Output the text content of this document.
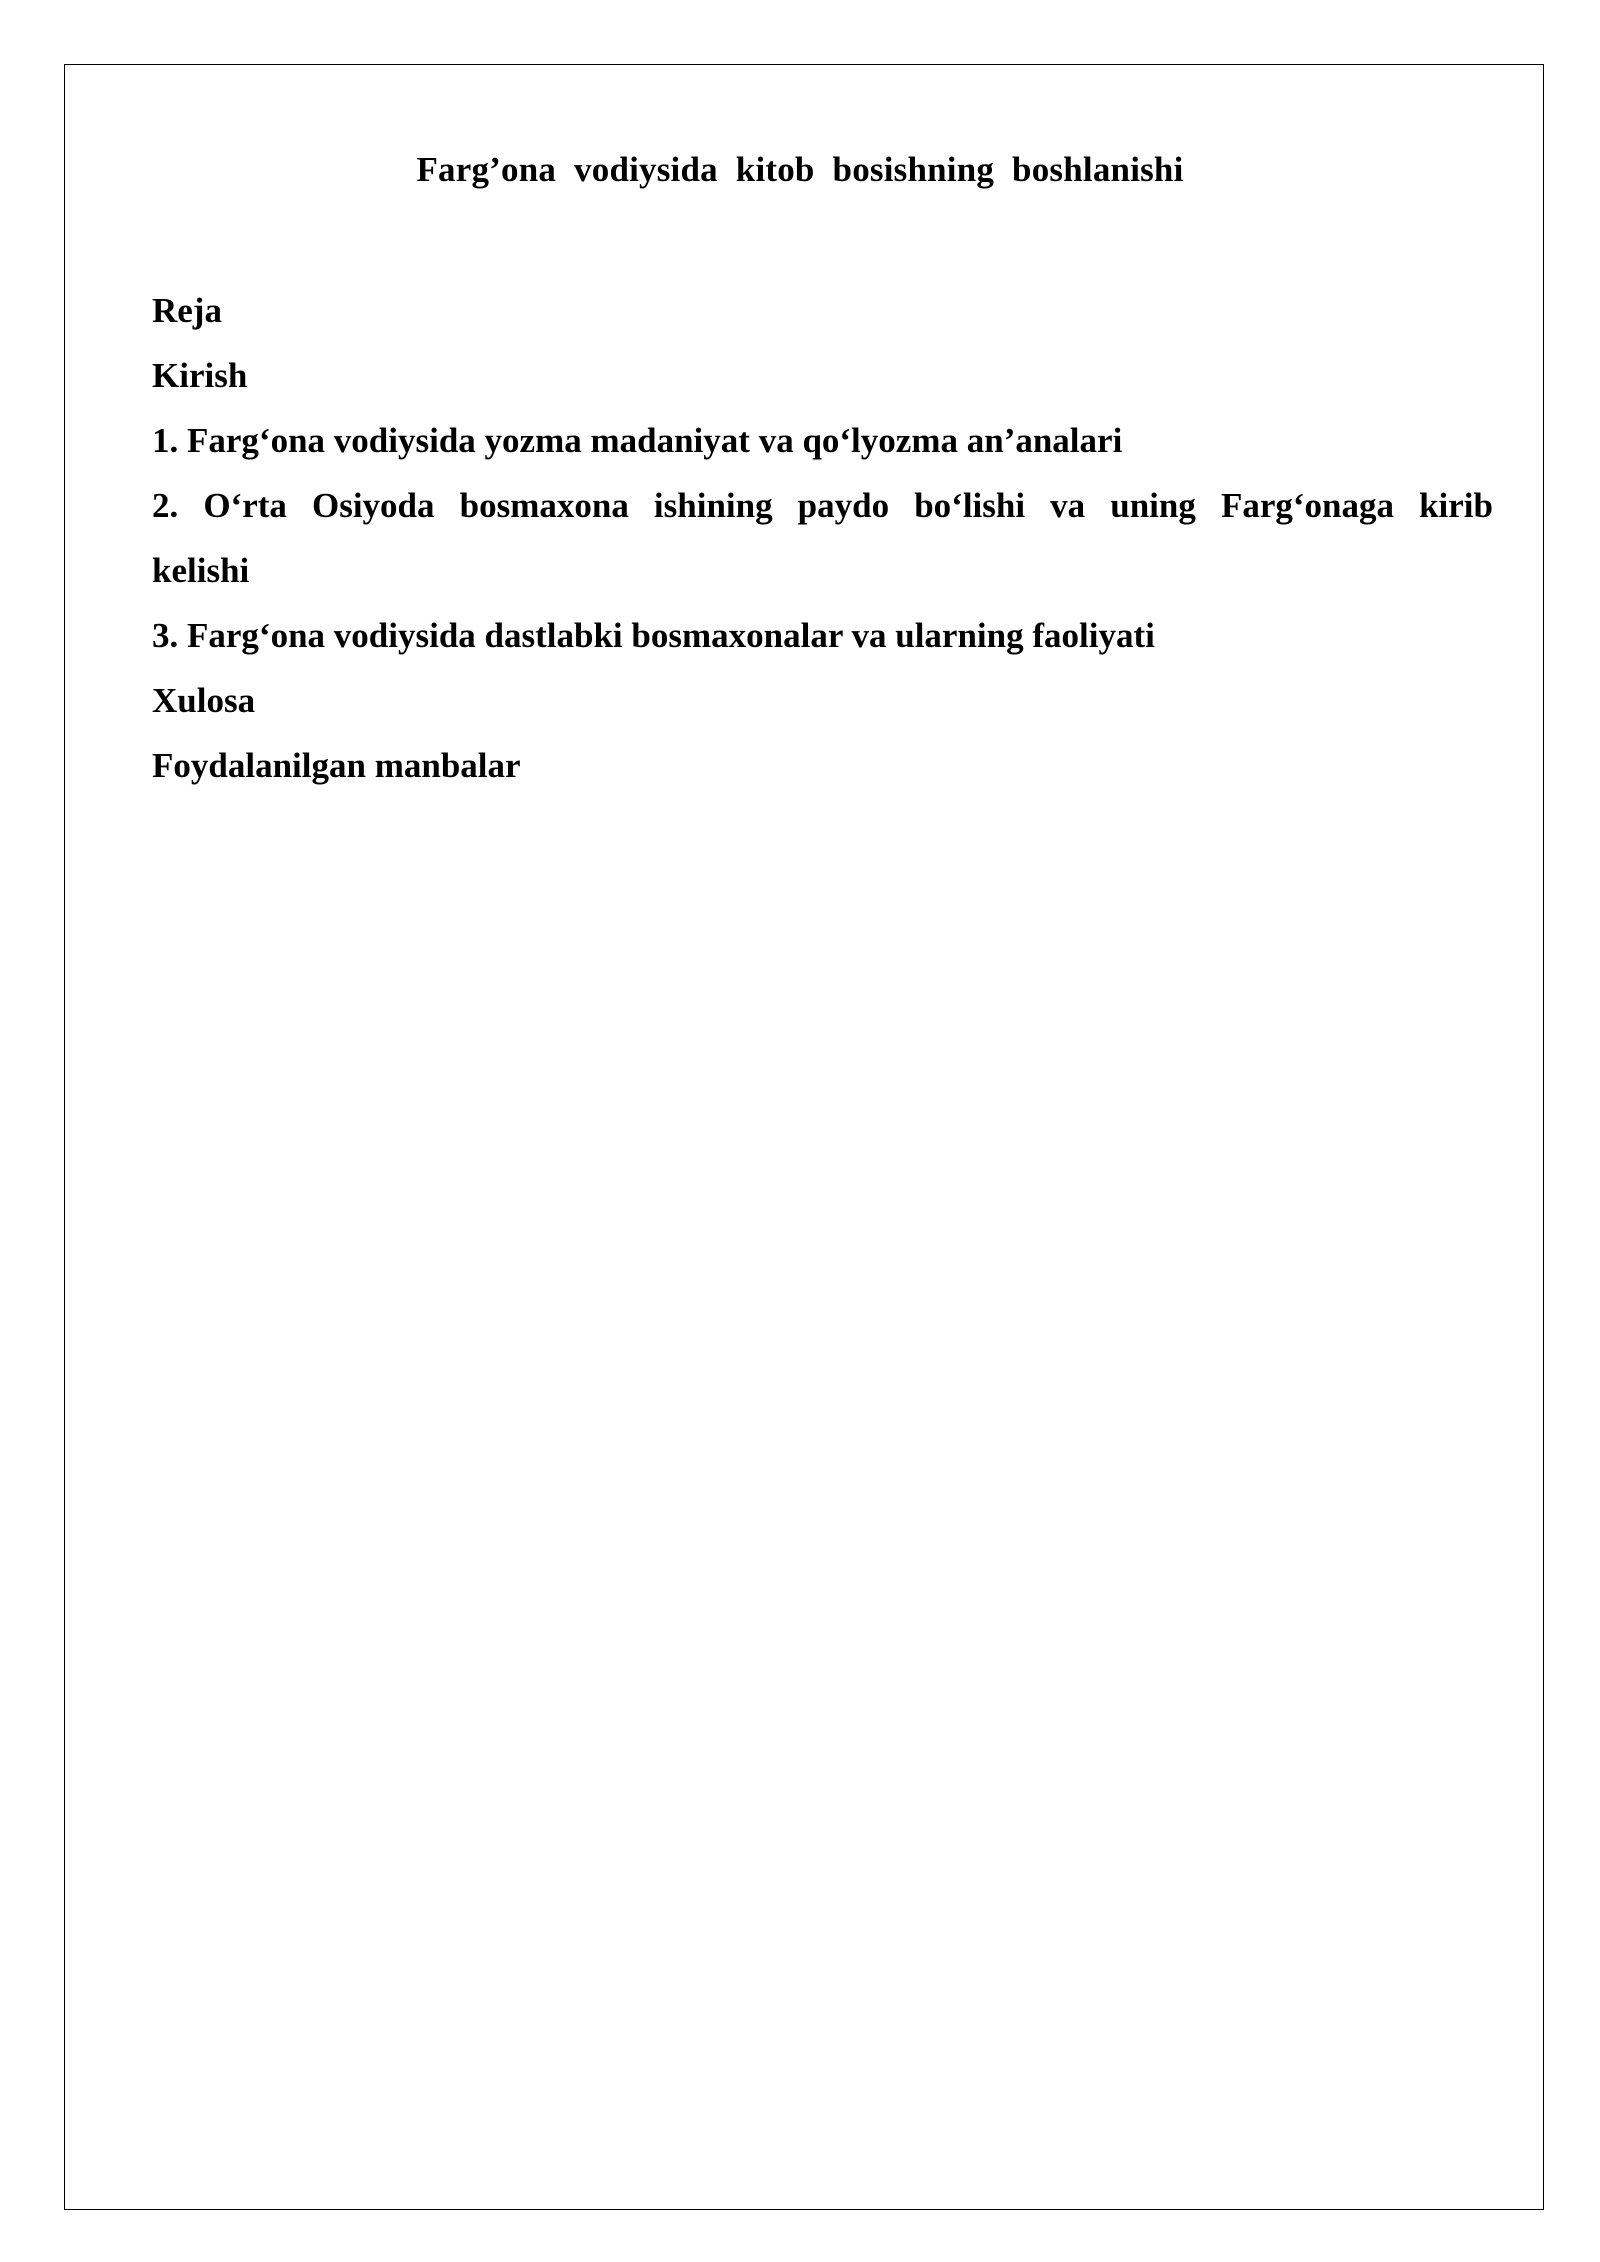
Farg’ona vodiysida kitob bosishning boshlanishi

Reja

Kirish

1. Farg‘ona vodiysida yozma madaniyat va qo‘lyozma an’analari

2. O‘rta Osiyoda bosmaxona ishining paydo bo‘lishi va uning Farg‘onaga kirib

kelishi

3. Farg‘ona vodiysida dastlabki bosmaxonalar va ularning faoliyati

Xulosa

Foydalanilgan manbalar
